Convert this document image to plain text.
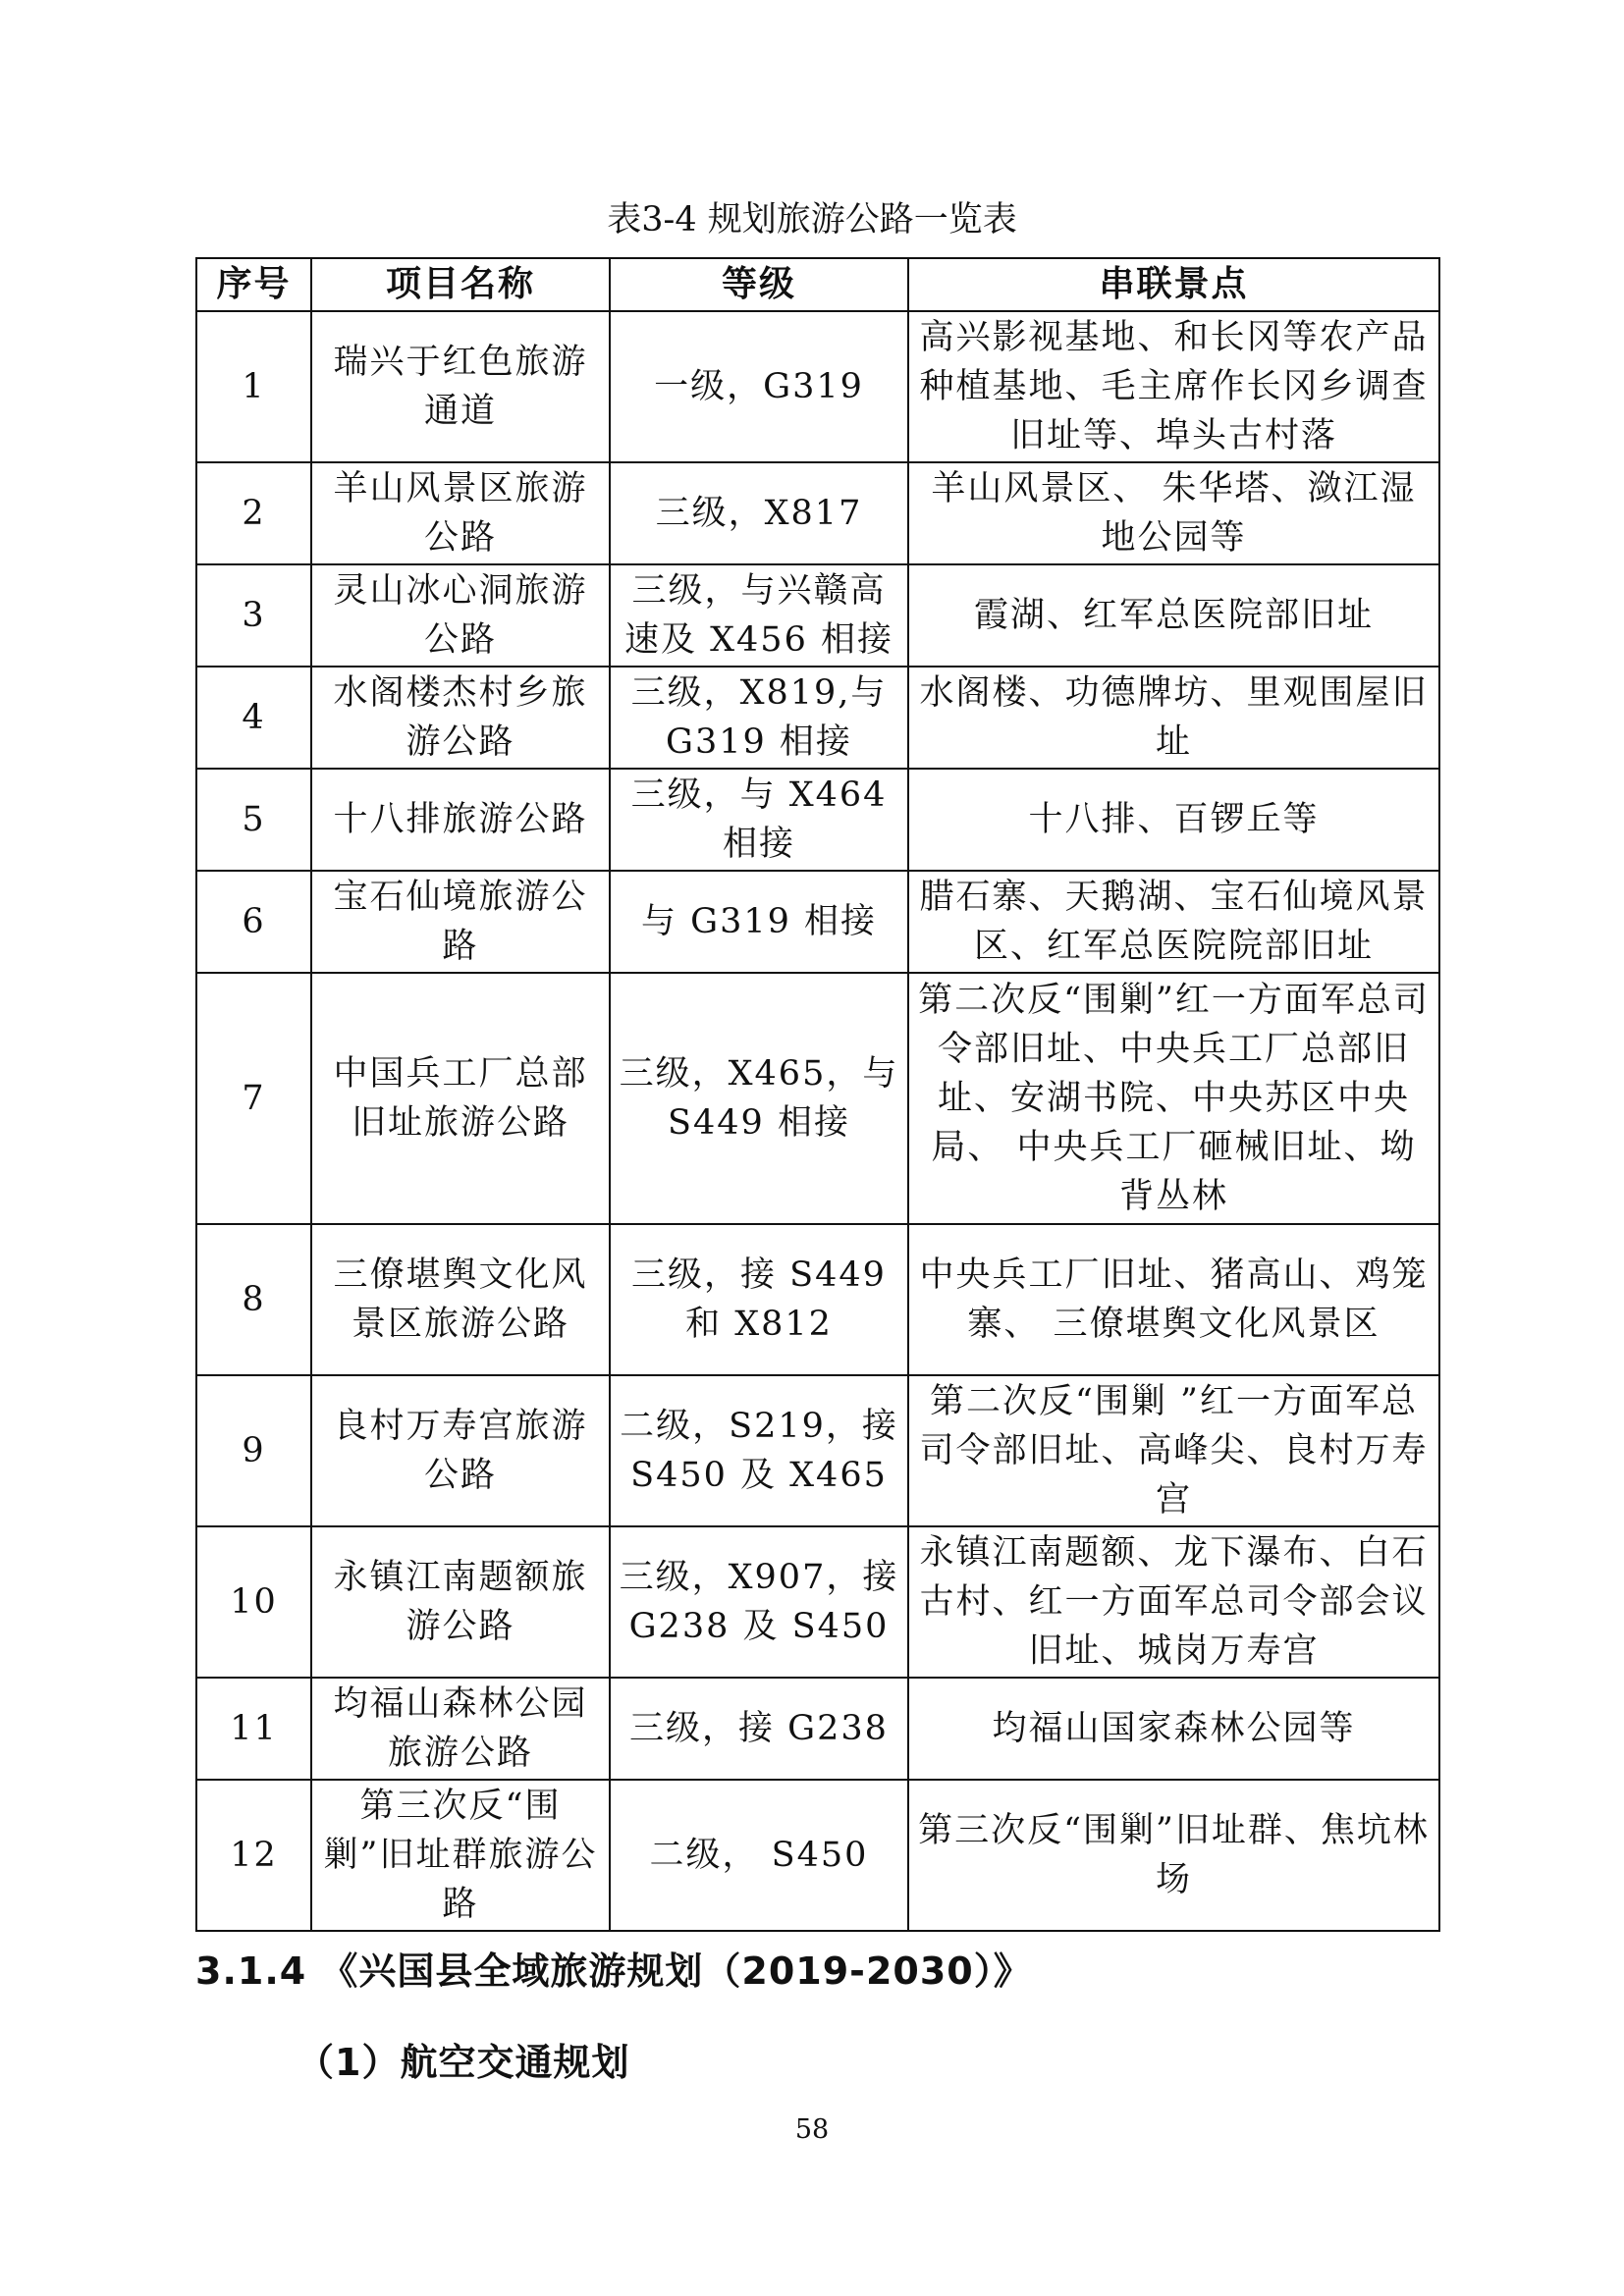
表3-4 规划旅游公路一览表
序号	项目名称	等级	串联景点
1	瑞兴于红色旅游通道	一级，G319	高兴影视基地、和长冈等农产品种植基地、毛主席作长冈乡调查旧址等、埠头古村落

2	羊山风景区旅游公路	三级，X817	羊山风景区、 朱华塔、潋江湿地公园等

3	灵山冰心洞旅游公路	三级，与兴赣高速及 X456 相接	霞湖、红军总医院部旧址

4	水阁楼杰村乡旅游公路	三级，X819,与 G319 相接	水阁楼、功德牌坊、里观围屋旧址

5	十八排旅游公路	三级，与 X464 相接	十八排、百锣丘等

6	宝石仙境旅游公路	与 G319 相接	腊石寨、天鹅湖、宝石仙境风景区、红军总医院院部旧址

7	中国兵工厂总部旧址旅游公路	三级，X465，与 S449 相接	第二次反“围剿”红一方面军总司令部旧址、中央兵工厂总部旧址、安湖书院、中央苏区中央局、 中央兵工厂砸械旧址、坳背丛林

8	三僚堪舆文化风景区旅游公路	三级，接 S449 和 X812	中央兵工厂旧址、猪高山、鸡笼寨、 三僚堪舆文化风景区

9	良村万寿宫旅游公路	二级，S219，接 S450 及 X465	第二次反“围剿 ”红一方面军总司令部旧址、高峰尖、良村万寿宫

10	永镇江南题额旅游公路	三级，X907，接 G238 及 S450	永镇江南题额、龙下瀑布、白石古村、红一方面军总司令部会议旧址、城岗万寿宫

11	均福山森林公园旅游公路	三级，接 G238	均福山国家森林公园等

12	第三次反“围剿”旧址群旅游公路	二级， S450	第三次反“围剿”旧址群、焦坑林场
3.1.4 《兴国县全域旅游规划（2019-2030）》
（1）航空交通规划
58
